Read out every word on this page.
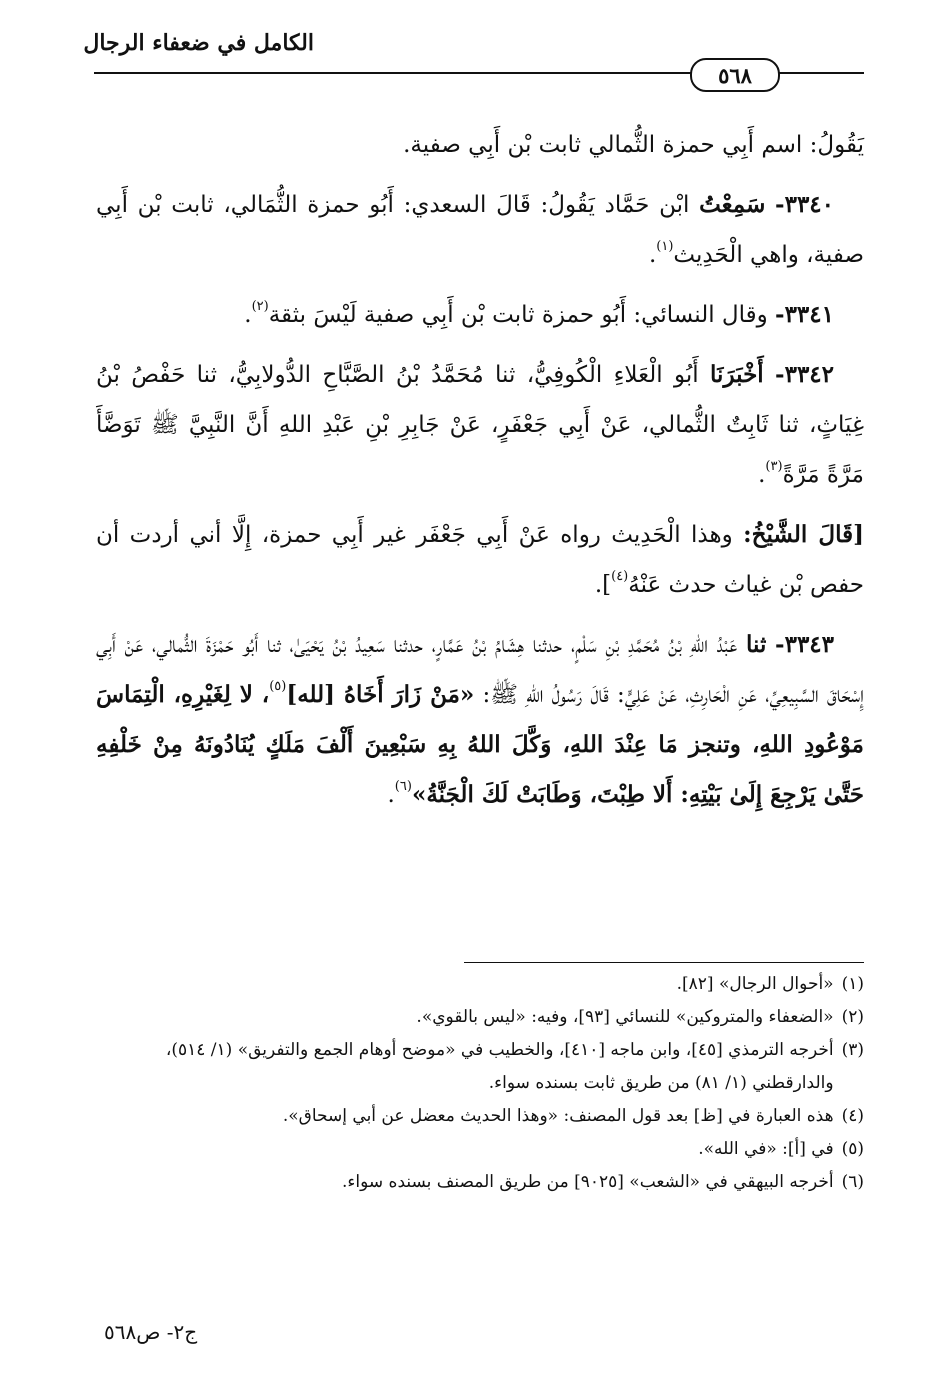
الكامل في ضعفاء الرجال
٥٦٨

يَقُولُ: اسم أَبِي حمزة الثُّمالي ثابت بْن أَبِي صفية.

٣٣٤٠- سَمِعْتُ ابْن حَمَّاد يَقُولُ: قَالَ السعدي: أَبُو حمزة الثُّمَالي، ثابت بْن أَبِي صفية، واهي الْحَدِيث$^{(١)}$.

٣٣٤١- وقال النسائي: أَبُو حمزة ثابت بْن أَبِي صفية لَيْسَ بثقة$^{(٢)}$.

٣٣٤٢- أَخْبَرَنَا أَبُو الْعَلاءِ الْكُوفِيُّ، ثنا مُحَمَّدُ بْنُ الصَّبَّاحِ الدُّولابِيُّ، ثنا حَفْصُ بْنُ غِيَاثٍ، ثنا ثَابِتٌ الثُّمالي، عَنْ أَبِي جَعْفَرٍ، عَنْ جَابِرِ بْنِ عَبْدِ اللهِ أَنَّ النَّبِيَّ ﷺ تَوَضَّأَ مَرَّةً مَرَّةً$^{(٣)}$.

[قَالَ الشَّيْخُ: وهذا الْحَدِيث رواه عَنْ أَبِي جَعْفَر غير أَبِي حمزة، إِلَّا أني أردت أن حفص بْن غياث حدث عَنْهُ$^{(٤)}$].

٣٣٤٣- ثنا عَبْدُ اللهِ بْنُ مُحَمَّدِ بْنِ سَلْمٍ، حدثنا هِشَامُ بْنُ عَمَّارٍ، حدثنا سَعِيدُ بْنُ يَحْيَىٰ، ثنا أَبُو حَمْزَةَ الثُّمالي، عَنْ أَبِي إِسْحَاقَ السَّبِيعِيِّ، عَنِ الْحَارِثِ، عَنْ عَلِيٍّ: قَالَ رَسُولُ اللهِ ﷺ: «مَنْ زَارَ أَخَاهُ [لله]$^{(٥)}$، لا لِغَيْرِهِ، الْتِمَاسَ مَوْعُودِ اللهِ، وتنجز مَا عِنْدَ اللهِ، وَكَّلَ اللهُ بِهِ سَبْعِينَ أَلْفَ مَلَكٍ يُنَادُونَهُ مِنْ خَلْفِهِ حَتَّىٰ يَرْجِعَ إِلَىٰ بَيْتِهِ: أَلا طِبْتَ، وَطَابَتْ لَكَ الْجَنَّةُ»$^{(٦)}$.

(١)
«أحوال الرجال» [٨٢].
(٢)
«الضعفاء والمتروكين» للنسائي [٩٣]، وفيه: «ليس بالقوي».
(٣)
أخرجه الترمذي [٤٥]، وابن ماجه [٤١٠]، والخطيب في «موضح أوهام الجمع والتفريق» (١/ ٥١٤)، والدارقطني (١/ ٨١) من طريق ثابت بسنده سواء.
(٤)
هذه العبارة في [ظ] بعد قول المصنف: «وهذا الحديث معضل عن أبي إسحاق».
(٥)
في [أ]: «في الله».
(٦)
أخرجه البيهقي في «الشعب» [٩٠٢٥] من طريق المصنف بسنده سواء.
ج٢- ص٥٦٨
